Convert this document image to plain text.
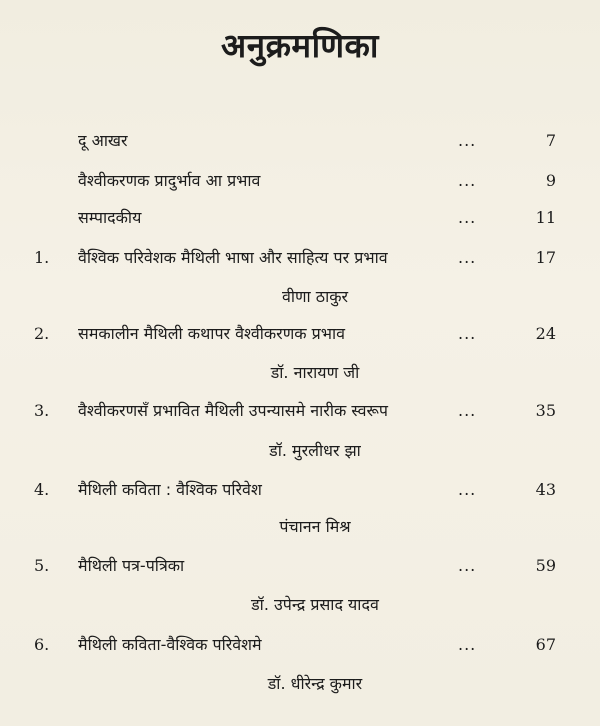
अनुक्रमणिका
दू आखर	...	7
वैश्वीकरणक प्रादुर्भाव आ प्रभाव	...	9
सम्पादकीय	...	11
1. वैश्विक परिवेशक मैथिली भाषा और साहित्य पर प्रभाव	...	17
वीणा ठाकुर
2. समकालीन मैथिली कथापर वैश्वीकरणक प्रभाव	...	24
डॉ. नारायण जी
3. वैश्वीकरणसँ प्रभावित मैथिली उपन्यासमे नारीक स्वरूप	...	35
डॉ. मुरलीधर झा
4. मैथिली कविता : वैश्विक परिवेश	...	43
पंचानन मिश्र
5. मैथिली पत्र-पत्रिका	...	59
डॉ. उपेन्द्र प्रसाद यादव
6. मैथिली कविता-वैश्विक परिवेशमे	...	67
डॉ. धीरेन्द्र कुमार
